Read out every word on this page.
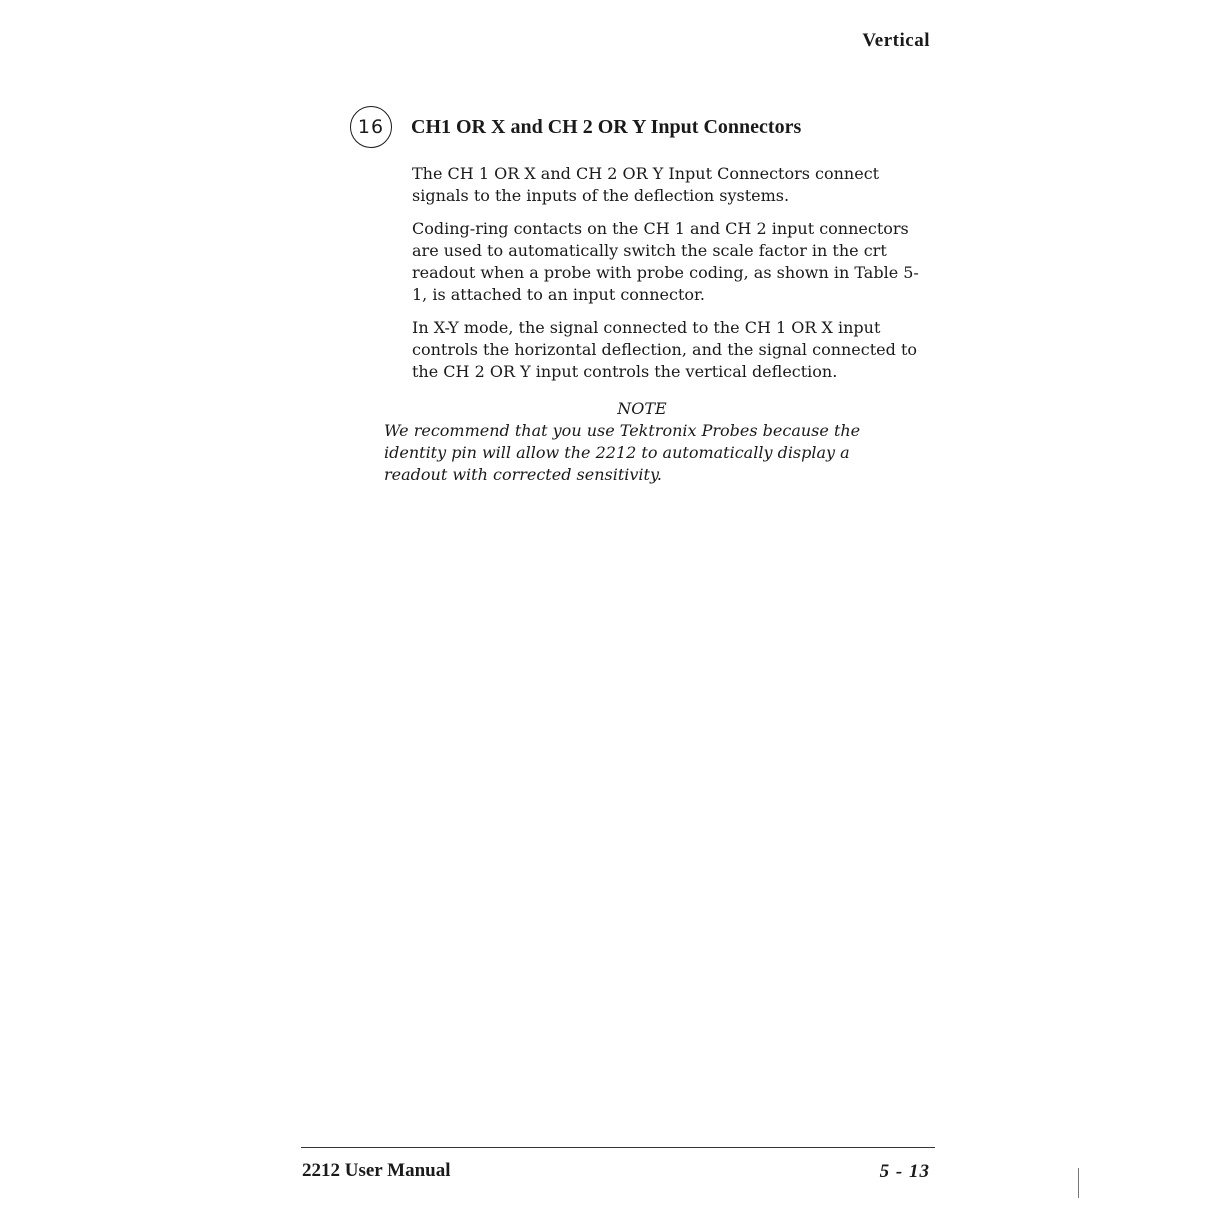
Vertical
16	CH1 OR X and CH 2 OR Y Input Connectors

The CH 1 OR X and CH 2 OR Y Input Connectors connect signals to the inputs of the deflection systems.

Coding-ring contacts on the CH 1 and CH 2 input connectors are used to automatically switch the scale factor in the crt readout when a probe with probe coding, as shown in Table 5-1, is attached to an input connector.

In X-Y mode, the signal connected to the CH 1 OR X input controls the horizontal deflection, and the signal connected to the CH 2 OR Y input controls the vertical deflection.

NOTE

We recommend that you use Tektronix Probes because the identity pin will allow the 2212 to automatically display a readout with corrected sensitivity.

2212 User Manual	5 - 13
